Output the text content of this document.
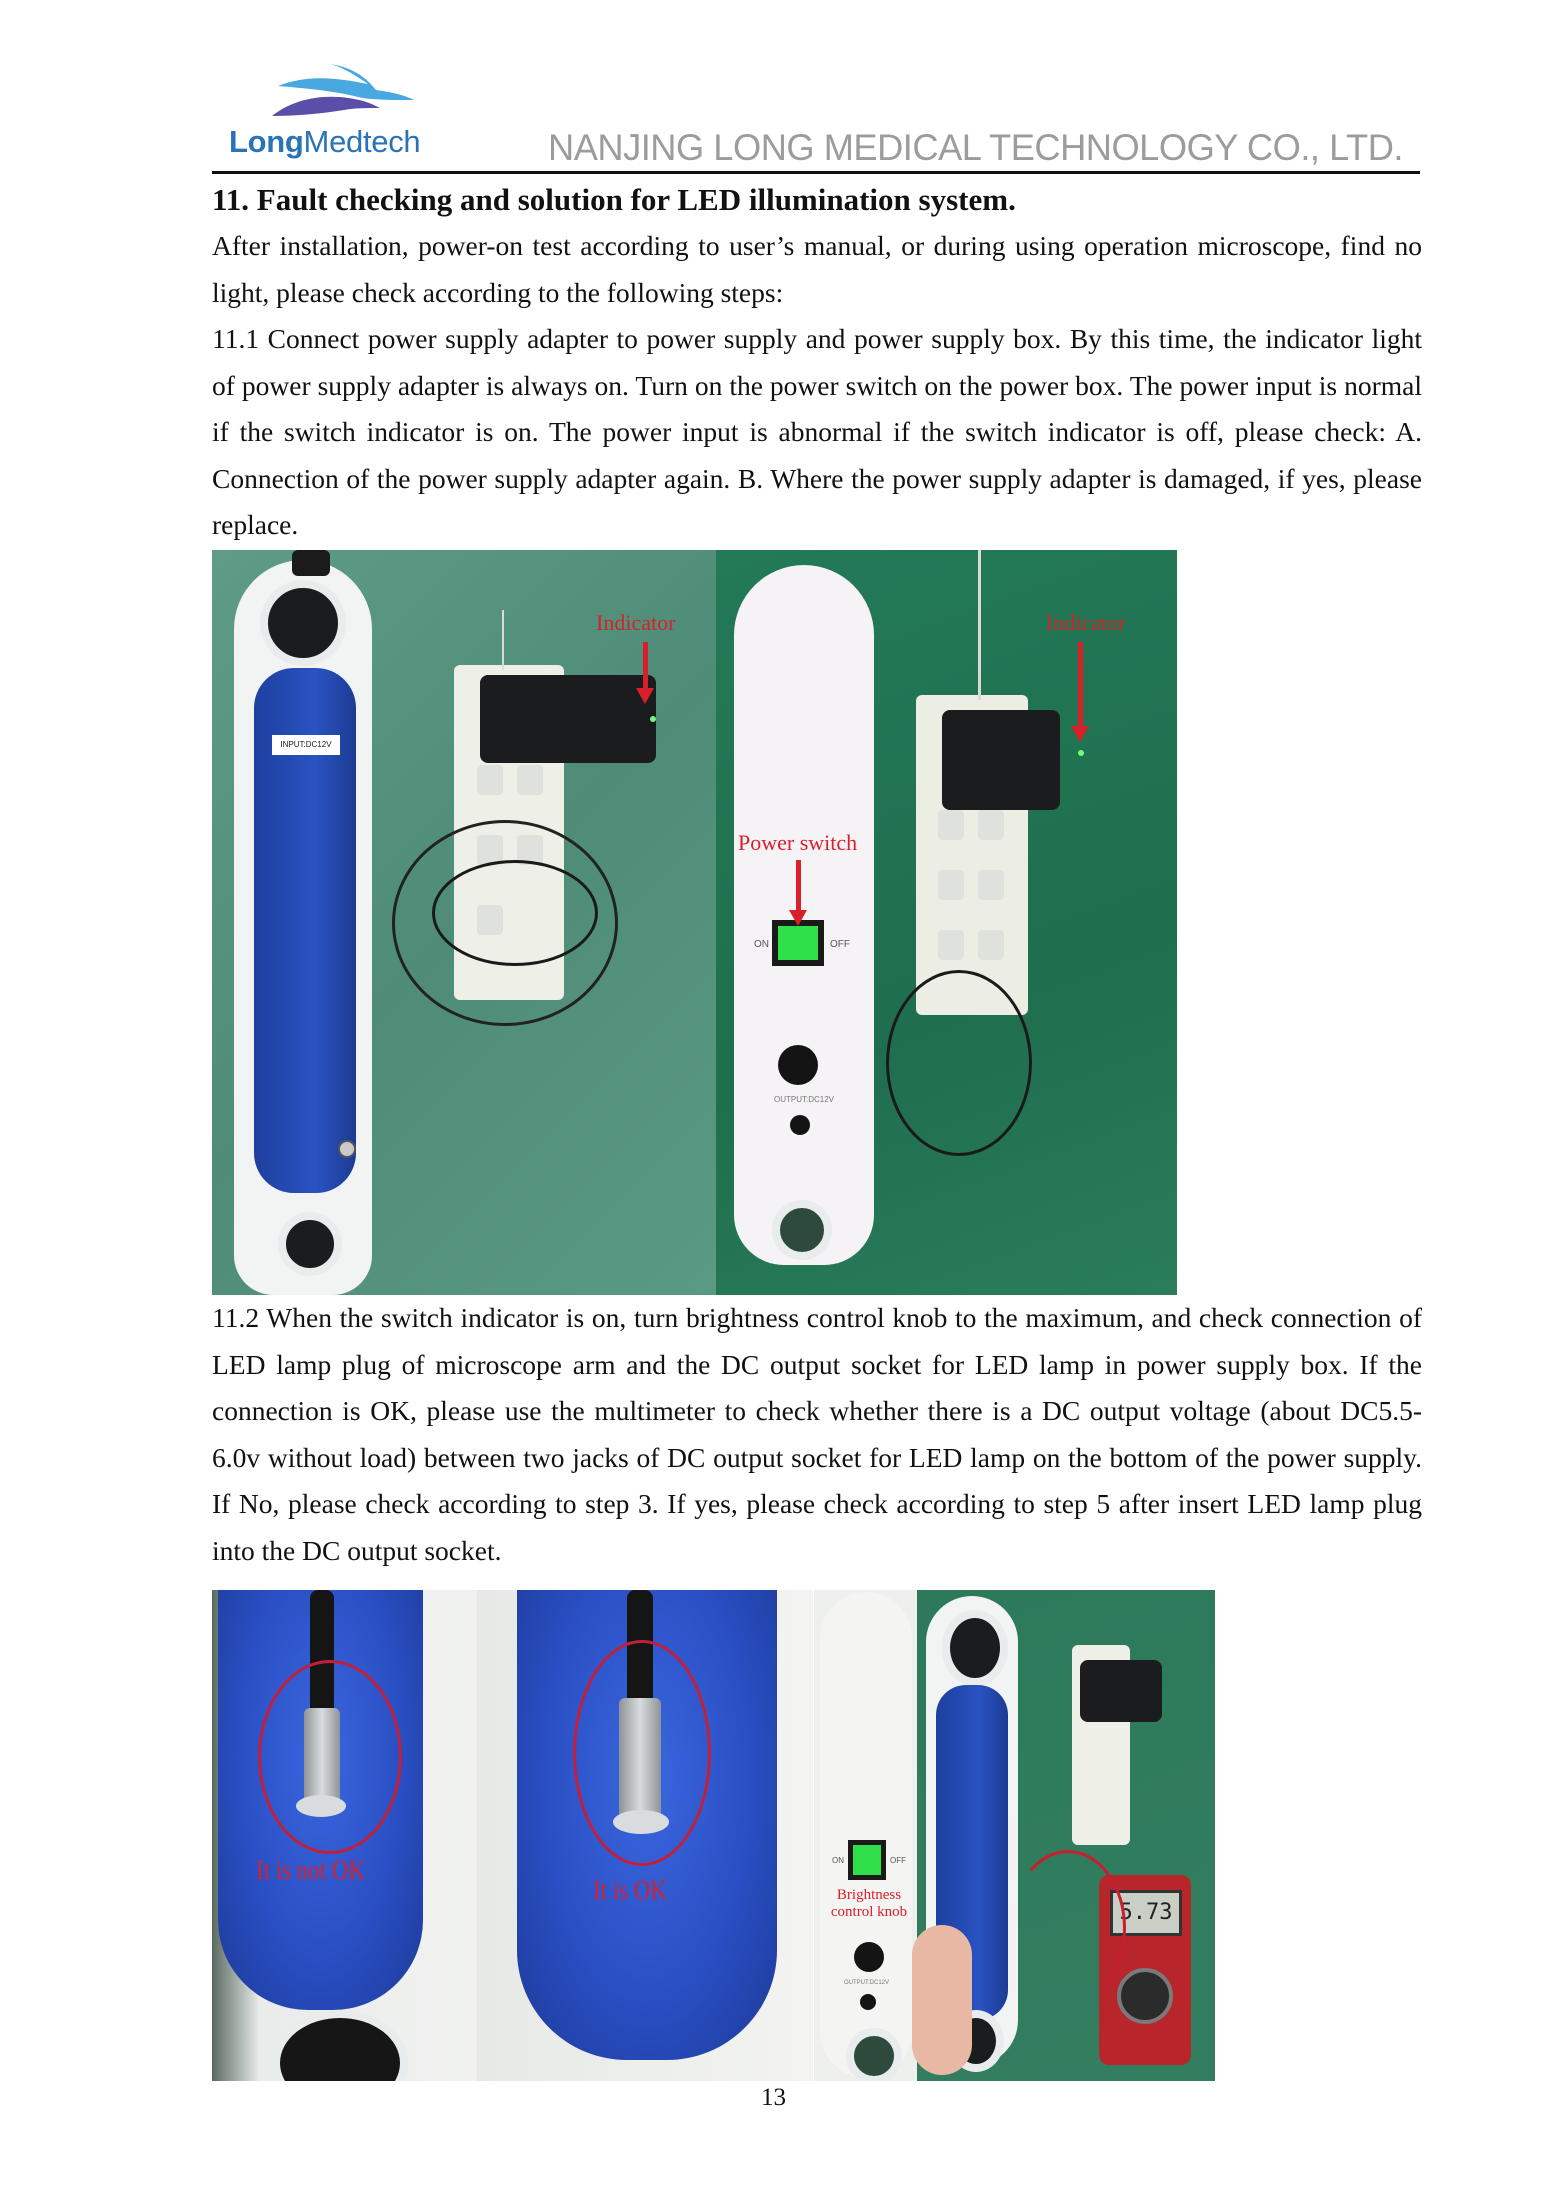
LongMedtech	NANJING LONG MEDICAL TECHNOLOGY CO., LTD.
11. Fault checking and solution for LED illumination system.
After installation, power-on test according to user’s manual, or during using operation microscope, find no light, please check according to the following steps:
11.1 Connect power supply adapter to power supply and power supply box. By this time, the indicator light of power supply adapter is always on. Turn on the power switch on the power box. The power input is normal if the switch indicator is on. The power input is abnormal if the switch indicator is off, please check: A. Connection of the power supply adapter again. B. Where the power supply adapter is damaged, if yes, please replace.
INPUT:DC12V
Indicator
ON	OFF
OUTPUT:DC12V
Indicator
Power switch
11.2 When the switch indicator is on, turn brightness control knob to the maximum, and check connection of LED lamp plug of microscope arm and the DC output socket for LED lamp in power supply box. If the connection is OK, please use the multimeter to check whether there is a DC output voltage (about DC5.5-6.0v without load) between two jacks of DC output socket for LED lamp on the bottom of the power supply. If No, please check according to step 3. If yes, please check according to step 5 after insert LED lamp plug into the DC output socket.
It is not OK
It is OK
ON	OFF
Brightness
control knob
OUTPUT:DC12V
5.73
13
